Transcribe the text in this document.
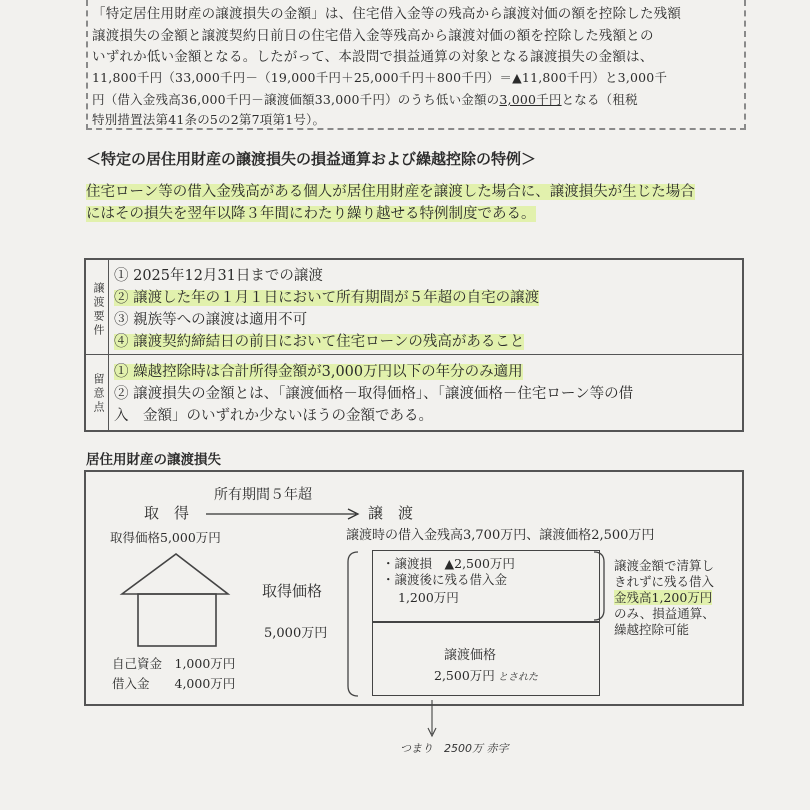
「特定居住用財産の譲渡損失の金額」は、住宅借入金等の残高から譲渡対価の額を控除した残額
譲渡損失の金額と譲渡契約日前日の住宅借入金等残高から譲渡対価の額を控除した残額との
いずれか低い金額となる。したがって、本設問で損益通算の対象となる譲渡損失の金額は、
11,800千円（33,000千円－（19,000千円＋25,000千円＋800千円）＝▲11,800千円）と3,000千
円（借入金残高36,000千円－譲渡価額33,000千円）のうち低い金額の3,000千円となる（租税
特別措置法第41条の5の2第7項第1号）。
＜特定の居住用財産の譲渡損失の損益通算および繰越控除の特例＞
住宅ローン等の借入金残高がある個人が居住用財産を譲渡した場合に、譲渡損失が生じた場合
にはその損失を翌年以降３年間にわたり繰り越せる特例制度である。
譲渡要件
留意点
① 2025年12月31日までの譲渡
② 譲渡した年の１月１日において所有期間が５年超の自宅の譲渡
③ 親族等への譲渡は適用不可
④ 譲渡契約締結日の前日において住宅ローンの残高があること
① 繰越控除時は合計所得金額が3,000万円以下の年分のみ適用
② 譲渡損失の金額とは、「譲渡価格－取得価格」、「譲渡価格－住宅ローン等の借
入　金額」のいずれか少ないほうの金額である。
居住用財産の譲渡損失
取　得
所有期間５年超
譲　渡
取得価格5,000万円	譲渡時の借入金残高3,700万円、譲渡価格2,500万円
取得価格
5,000万円
・譲渡損　▲2,500万円
・譲渡後に残る借入金
1,200万円
譲渡価格
2,500万円 とされた
自己資金　1,000万円
借入金　　4,000万円
譲渡金額で清算し
きれずに残る借入
金残高1,200万円
のみ、損益通算、
繰越控除可能
つまり　2500万 赤字
